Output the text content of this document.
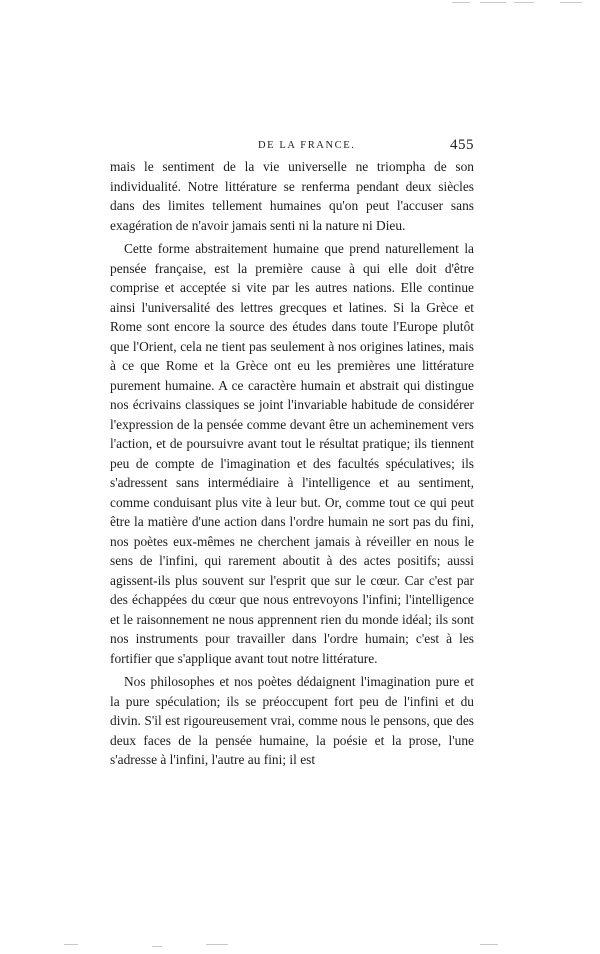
DE LA FRANCE.	455

mais le sentiment de la vie universelle ne triompha de son individualité. Notre littérature se renferma pendant deux siècles dans des limites tellement humaines qu'on peut l'accuser sans exagération de n'avoir jamais senti ni la nature ni Dieu.

Cette forme abstraitement humaine que prend naturellement la pensée française, est la première cause à qui elle doit d'être comprise et acceptée si vite par les autres nations. Elle continue ainsi l'universalité des lettres grecques et latines. Si la Grèce et Rome sont encore la source des études dans toute l'Europe plutôt que l'Orient, cela ne tient pas seulement à nos origines latines, mais à ce que Rome et la Grèce ont eu les premières une littérature purement humaine. A ce caractère humain et abstrait qui distingue nos écrivains classiques se joint l'invariable habitude de considérer l'expression de la pensée comme devant être un acheminement vers l'action, et de poursuivre avant tout le résultat pratique; ils tiennent peu de compte de l'imagination et des facultés spéculatives; ils s'adressent sans intermédiaire à l'intelligence et au sentiment, comme conduisant plus vite à leur but. Or, comme tout ce qui peut être la matière d'une action dans l'ordre humain ne sort pas du fini, nos poètes eux-mêmes ne cherchent jamais à réveiller en nous le sens de l'infini, qui rarement aboutit à des actes positifs; aussi agissent-ils plus souvent sur l'esprit que sur le cœur. Car c'est par des échappées du cœur que nous entrevoyons l'infini; l'intelligence et le raisonnement ne nous apprennent rien du monde idéal; ils sont nos instruments pour travailler dans l'ordre humain; c'est à les fortifier que s'applique avant tout notre littérature.

Nos philosophes et nos poètes dédaignent l'imagination pure et la pure spéculation; ils se préoccupent fort peu de l'infini et du divin. S'il est rigoureusement vrai, comme nous le pensons, que des deux faces de la pensée humaine, la poésie et la prose, l'une s'adresse à l'infini, l'autre au fini; il est
